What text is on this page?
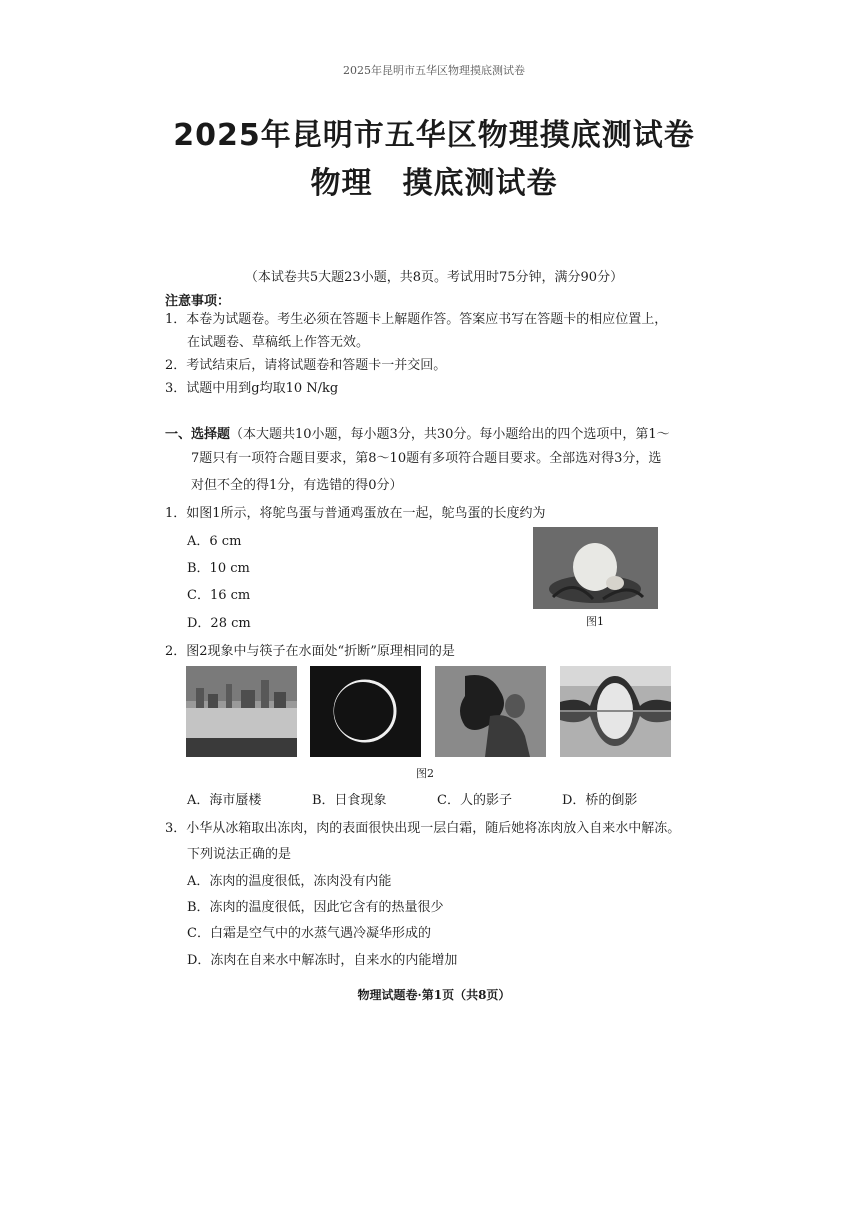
2025年昆明市五华区物理摸底测试卷
2025年昆明市五华区物理摸底测试卷
物理 摸底测试卷
（本试卷共5大题23小题，共8页。考试用时75分钟，满分90分）
注意事项：
1．本卷为试题卷。考生必须在答题卡上解题作答。答案应书写在答题卡的相应位置上，
在试题卷、草稿纸上作答无效。
2．考试结束后，请将试题卷和答题卡一并交回。
3．试题中用到g均取10 N/kg
一、选择题（本大题共10小题，每小题3分，共30分。每小题给出的四个选项中，第1～
7题只有一项符合题目要求，第8～10题有多项符合题目要求。全部选对得3分，选
对但不全的得1分，有选错的得0分）
1．如图1所示，将鸵鸟蛋与普通鸡蛋放在一起，鸵鸟蛋的长度约为
A．6 cm
B．10 cm
C．16 cm
D．28 cm	图1
2．图2现象中与筷子在水面处“折断”原理相同的是
图2
A．海市蜃楼	B．日食现象	C．人的影子	D．桥的倒影
3．小华从冰箱取出冻肉，肉的表面很快出现一层白霜，随后她将冻肉放入自来水中解冻。
下列说法正确的是
A．冻肉的温度很低，冻肉没有内能
B．冻肉的温度很低，因此它含有的热量很少
C．白霜是空气中的水蒸气遇冷凝华形成的
D．冻肉在自来水中解冻时，自来水的内能增加
物理试题卷·第1页（共8页）
